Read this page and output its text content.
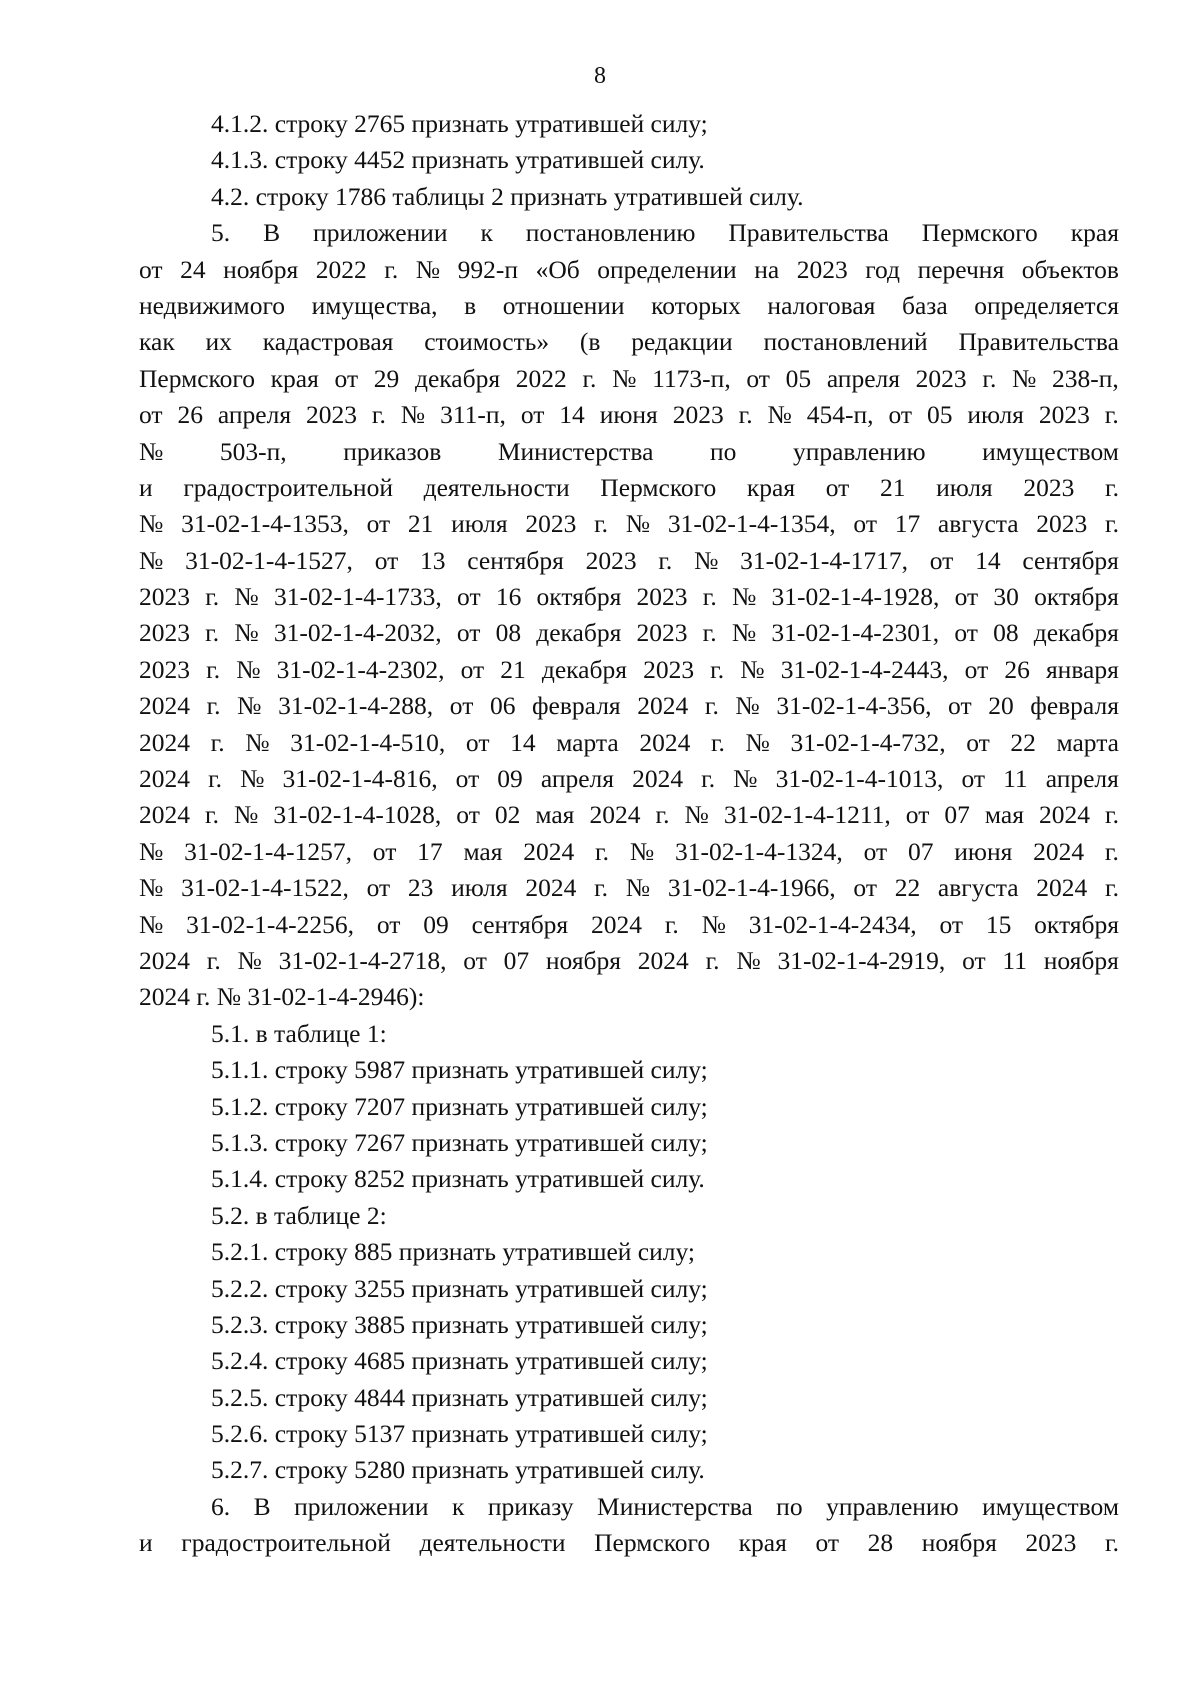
8
4.1.2. строку 2765 признать утратившей силу;
4.1.3. строку 4452 признать утратившей силу.
4.2. строку 1786 таблицы 2 признать утратившей силу.
5. В приложении к постановлению Правительства Пермского края
от 24 ноября 2022 г. № 992-п «Об определении на 2023 год перечня объектов
недвижимого имущества, в отношении которых налоговая база определяется
как их кадастровая стоимость» (в редакции постановлений Правительства
Пермского края от 29 декабря 2022 г. № 1173-п, от 05 апреля 2023 г. № 238-п,
от 26 апреля 2023 г. № 311-п, от 14 июня 2023 г. № 454-п, от 05 июля 2023 г.
№ 503-п, приказов Министерства по управлению имуществом
и градостроительной деятельности Пермского края от 21 июля 2023 г.
№ 31-02-1-4-1353, от 21 июля 2023 г. № 31-02-1-4-1354, от 17 августа 2023 г.
№ 31-02-1-4-1527, от 13 сентября 2023 г. № 31-02-1-4-1717, от 14 сентября
2023 г. № 31-02-1-4-1733, от 16 октября 2023 г. № 31-02-1-4-1928, от 30 октября
2023 г. № 31-02-1-4-2032, от 08 декабря 2023 г. № 31-02-1-4-2301, от 08 декабря
2023 г. № 31-02-1-4-2302, от 21 декабря 2023 г. № 31-02-1-4-2443, от 26 января
2024 г. № 31-02-1-4-288, от 06 февраля 2024 г. № 31-02-1-4-356, от 20 февраля
2024 г. № 31-02-1-4-510, от 14 марта 2024 г. № 31-02-1-4-732, от 22 марта
2024 г. № 31-02-1-4-816, от 09 апреля 2024 г. № 31-02-1-4-1013, от 11 апреля
2024 г. № 31-02-1-4-1028, от 02 мая 2024 г. № 31-02-1-4-1211, от 07 мая 2024 г.
№ 31-02-1-4-1257, от 17 мая 2024 г. № 31-02-1-4-1324, от 07 июня 2024 г.
№ 31-02-1-4-1522, от 23 июля 2024 г. № 31-02-1-4-1966, от 22 августа 2024 г.
№ 31-02-1-4-2256, от 09 сентября 2024 г. № 31-02-1-4-2434, от 15 октября
2024 г. № 31-02-1-4-2718, от 07 ноября 2024 г. № 31-02-1-4-2919, от 11 ноября
2024 г. № 31-02-1-4-2946):
5.1. в таблице 1:
5.1.1. строку 5987 признать утратившей силу;
5.1.2. строку 7207 признать утратившей силу;
5.1.3. строку 7267 признать утратившей силу;
5.1.4. строку 8252 признать утратившей силу.
5.2. в таблице 2:
5.2.1. строку 885 признать утратившей силу;
5.2.2. строку 3255 признать утратившей силу;
5.2.3. строку 3885 признать утратившей силу;
5.2.4. строку 4685 признать утратившей силу;
5.2.5. строку 4844 признать утратившей силу;
5.2.6. строку 5137 признать утратившей силу;
5.2.7. строку 5280 признать утратившей силу.
6. В приложении к приказу Министерства по управлению имуществом
и градостроительной деятельности Пермского края от 28 ноября 2023 г.
